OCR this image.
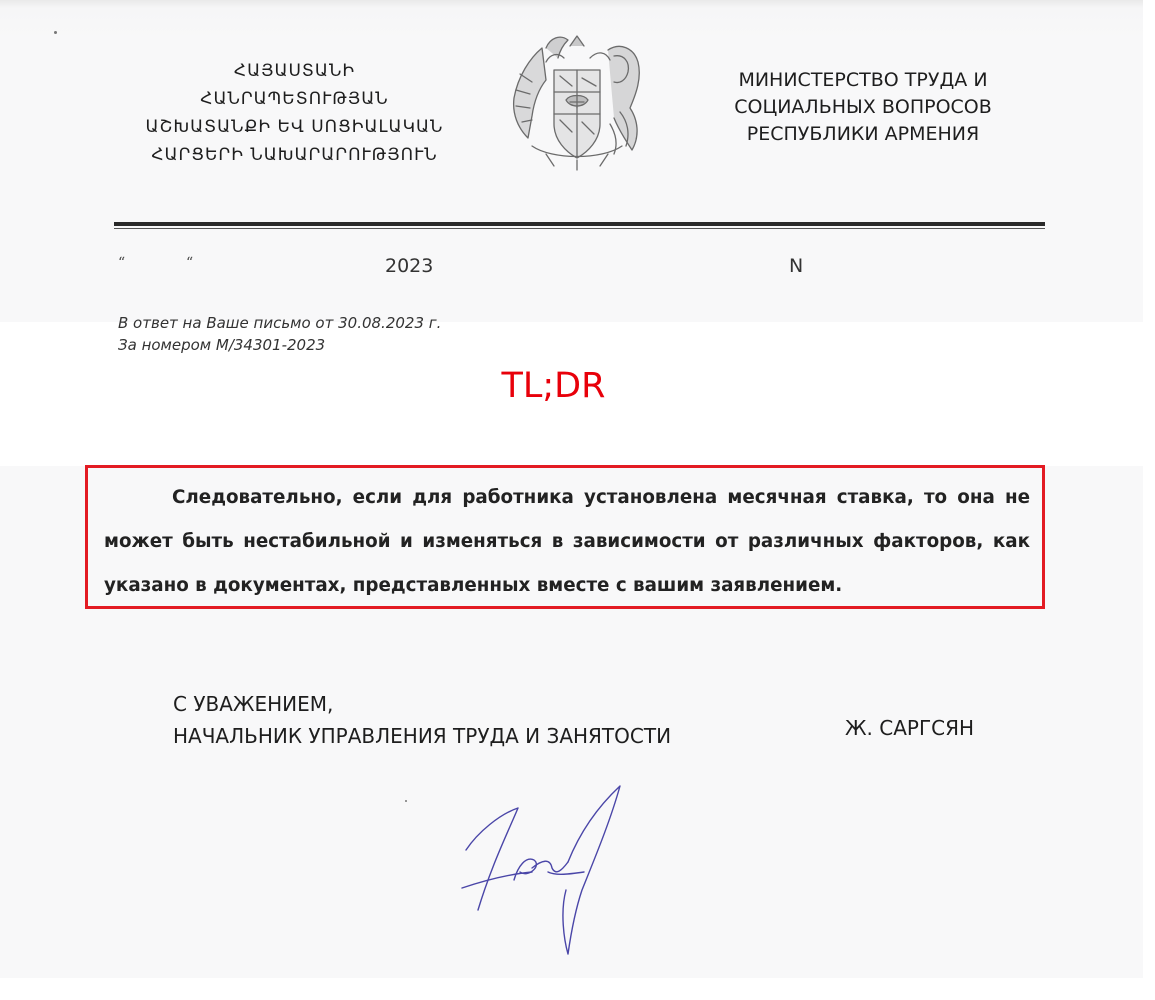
ՀԱՅԱՍՏԱՆԻ
ՀԱՆՐԱՊԵՏՈՒԹՅԱՆ
ԱՇԽԱՏԱՆՔԻ ԵՎ ՍՈՑԻԱԼԱԿԱՆ
ՀԱՐՑԵՐԻ ՆԱԽԱՐԱՐՈՒԹՅՈՒՆ
МИНИСТЕРСТВО ТРУДА И
СОЦИАЛЬНЫХ ВОПРОСОВ
РЕСПУБЛИКИ АРМЕНИЯ
“	“	2023	N
В ответ на Ваше письмо от 30.08.2023 г.
За номером М/34301-2023
TL;DR
Следовательно, если для работника установлена месячная ставка, то она не может быть нестабильной и изменяться в зависимости от различных факторов, как указано в документах, представленных вместе с вашим заявлением.
С УВАЖЕНИЕМ,
НАЧАЛЬНИК УПРАВЛЕНИЯ ТРУДА И ЗАНЯТОСТИ	Ж. САРГСЯН
